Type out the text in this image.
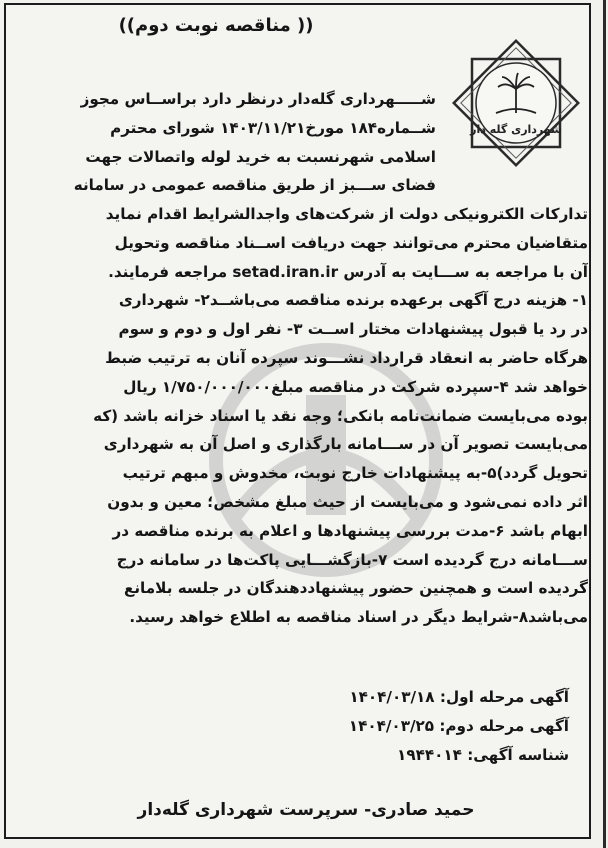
(( مناقصه نوبت دوم))
شهرداری گله دار
شـــــهرداری گله‌دار درنظر دارد براســاس مجوز
شــماره۱۸۴ مورخ۱۴۰۳/۱۱/۲۱ شورای محترم
اسلامی شهرنسبت به خرید لوله واتصالات جهت
فضای ســـبز از طریق مناقصه عمومی در سامانه
تدارکات الکترونیکی دولت از شرکت‌های واجدالشرایط اقدام نماید
متقاضیان محترم می‌توانند جهت دریافت اســناد مناقصه وتحویل
آن با مراجعه به ســـایت به آدرس setad.iran.ir مراجعه فرمایند.
۱- هزینه درج آگهی برعهده برنده مناقصه می‌باشــد۲- شهرداری
در رد یا قبول پیشنهادات مختار اســت ۳- نفر اول و دوم و سوم
هرگاه حاضر به انعقاد قرارداد نشـــوند سپرده آنان به ترتیب ضبط
خواهد شد ۴-سپرده شرکت در مناقصه مبلغ۱/۷۵۰/۰۰۰/۰۰۰ ریال
بوده می‌بایست ضمانت‌نامه بانکی؛ وجه نقد یا اسناد خزانه باشد (که
می‌بایست تصویر آن در ســـامانه بارگذاری و اصل آن به شهرداری
تحویل گردد)۵-به پیشنهادات خارج نوبت، مخدوش و مبهم ترتیب
اثر داده نمی‌شود و می‌بایست از حیث مبلغ مشخص؛ معین و بدون
ابهام باشد ۶-مدت بررسی پیشنهادها و اعلام به برنده مناقصه در
ســـامانه درج گردیده است ۷-بازگشـــایی پاکت‌ها در سامانه درج
گردیده است و همچنین حضور پیشنهاددهندگان در جلسه بلامانع
می‌باشد۸-شرایط دیگر در اسناد مناقصه به اطلاع خواهد رسید.
آگهی مرحله اول: ۱۴۰۴/۰۳/۱۸
آگهی مرحله دوم: ۱۴۰۴/۰۳/۲۵
شناسه آگهی: ۱۹۴۴۰۱۴
حمید صادری- سرپرست شهرداری گله‌دار
